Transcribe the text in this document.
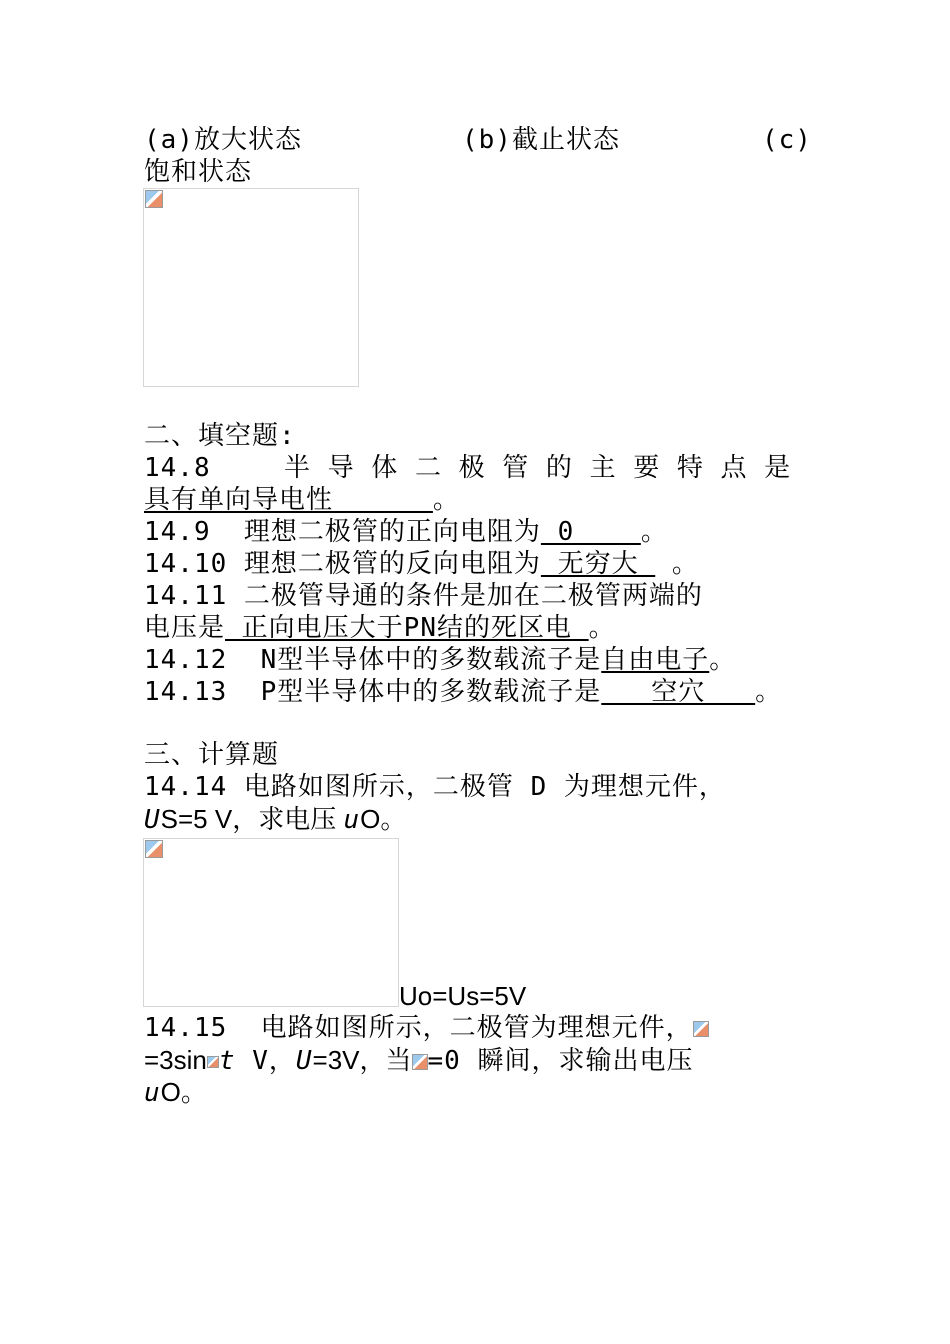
(a)放大状态	(b)截止状态	(c)
饱和状态
二、填空题:
14.8	半 导 体 二 极 管 的 主 要 特 点 是
具有单向导电性      。
14.9  理想二极管的正向电阻为 0    。
14.10 理想二极管的反向电阻为 无穷大  。
14.11 二极管导通的条件是加在二极管两端的
电压是 正向电压大于PN结的死区电 。
14.12  N型半导体中的多数载流子是自由电子。
14.13  P型半导体中的多数载流子是   空穴   。
三、计算题
14.14 电路如图所示，二极管 D 为理想元件，
US=5 V，求电压 uO。
Uo=Us=5V
14.15  电路如图所示，二极管为理想元件，
=3sin t V，U=3V，当 =0 瞬间，求输出电压
uO。
